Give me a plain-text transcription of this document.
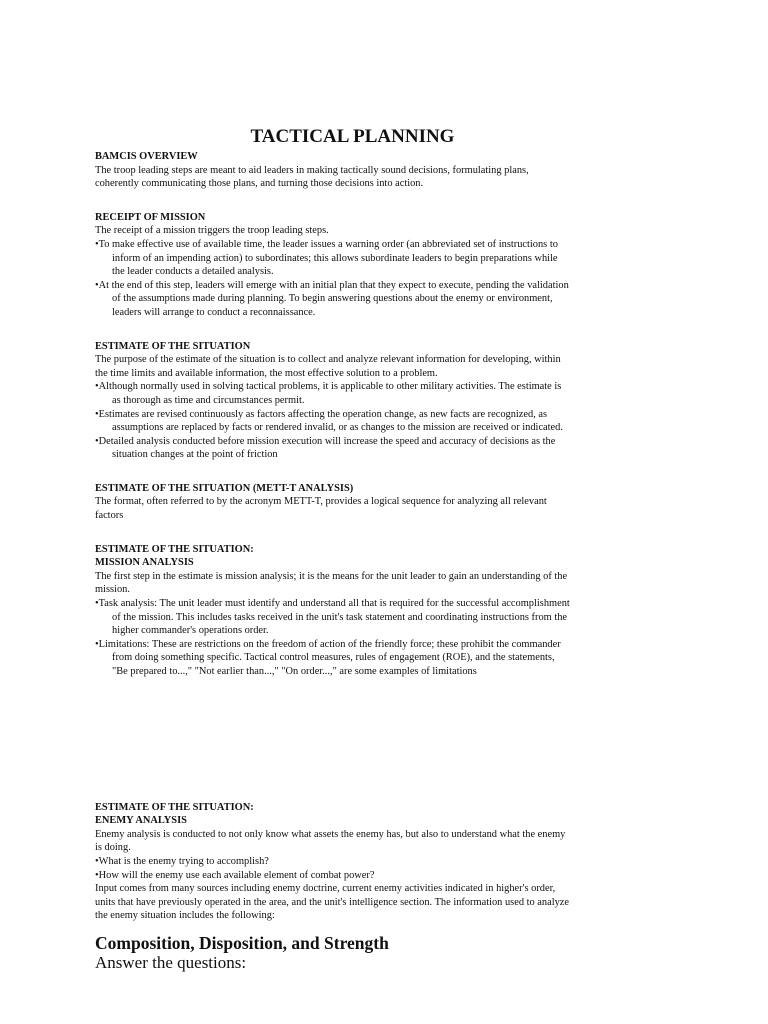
TACTICAL PLANNING
BAMCIS OVERVIEW
The troop leading steps are meant to aid leaders in making tactically sound decisions, formulating plans, coherently communicating those plans, and turning those decisions into action.
RECEIPT OF MISSION
The receipt of a mission triggers the troop leading steps.
•To make effective use of available time, the leader issues a warning order (an abbreviated set of instructions to inform of an impending action) to subordinates; this allows subordinate leaders to begin preparations while the leader conducts a detailed analysis.
•At the end of this step, leaders will emerge with an initial plan that they expect to execute, pending the validation of the assumptions made during planning. To begin answering questions about the enemy or environment, leaders will arrange to conduct a reconnaissance.
ESTIMATE OF THE SITUATION
The purpose of the estimate of the situation is to collect and analyze relevant information for developing, within the time limits and available information, the most effective solution to a problem.
•Although normally used in solving tactical problems, it is applicable to other military activities. The estimate is as thorough as time and circumstances permit.
•Estimates are revised continuously as factors affecting the operation change, as new facts are recognized, as assumptions are replaced by facts or rendered invalid, or as changes to the mission are received or indicated.
•Detailed analysis conducted before mission execution will increase the speed and accuracy of decisions as the situation changes at the point of friction
ESTIMATE OF THE SITUATION (METT-T ANALYSIS)
The format, often referred to by the acronym METT-T, provides a logical sequence for analyzing all relevant factors
ESTIMATE OF THE SITUATION:
MISSION ANALYSIS
The first step in the estimate is mission analysis; it is the means for the unit leader to gain an understanding of the mission.
•Task analysis: The unit leader must identify and understand all that is required for the successful accomplishment of the mission. This includes tasks received in the unit's task statement and coordinating instructions from the higher commander's operations order.
•Limitations: These are restrictions on the freedom of action of the friendly force; these prohibit the commander from doing something specific. Tactical control measures, rules of engagement (ROE), and the statements, "Be prepared to...," "Not earlier than...," "On order...," are some examples of limitations
ESTIMATE OF THE SITUATION:
ENEMY ANALYSIS
Enemy analysis is conducted to not only know what assets the enemy has, but also to understand what the enemy is doing.
•What is the enemy trying to accomplish?
•How will the enemy use each available element of combat power?
Input comes from many sources including enemy doctrine, current enemy activities indicated in higher's order, units that have previously operated in the area, and the unit's intelligence section. The information used to analyze the enemy situation includes the following:
Composition, Disposition, and Strength
Answer the questions:
